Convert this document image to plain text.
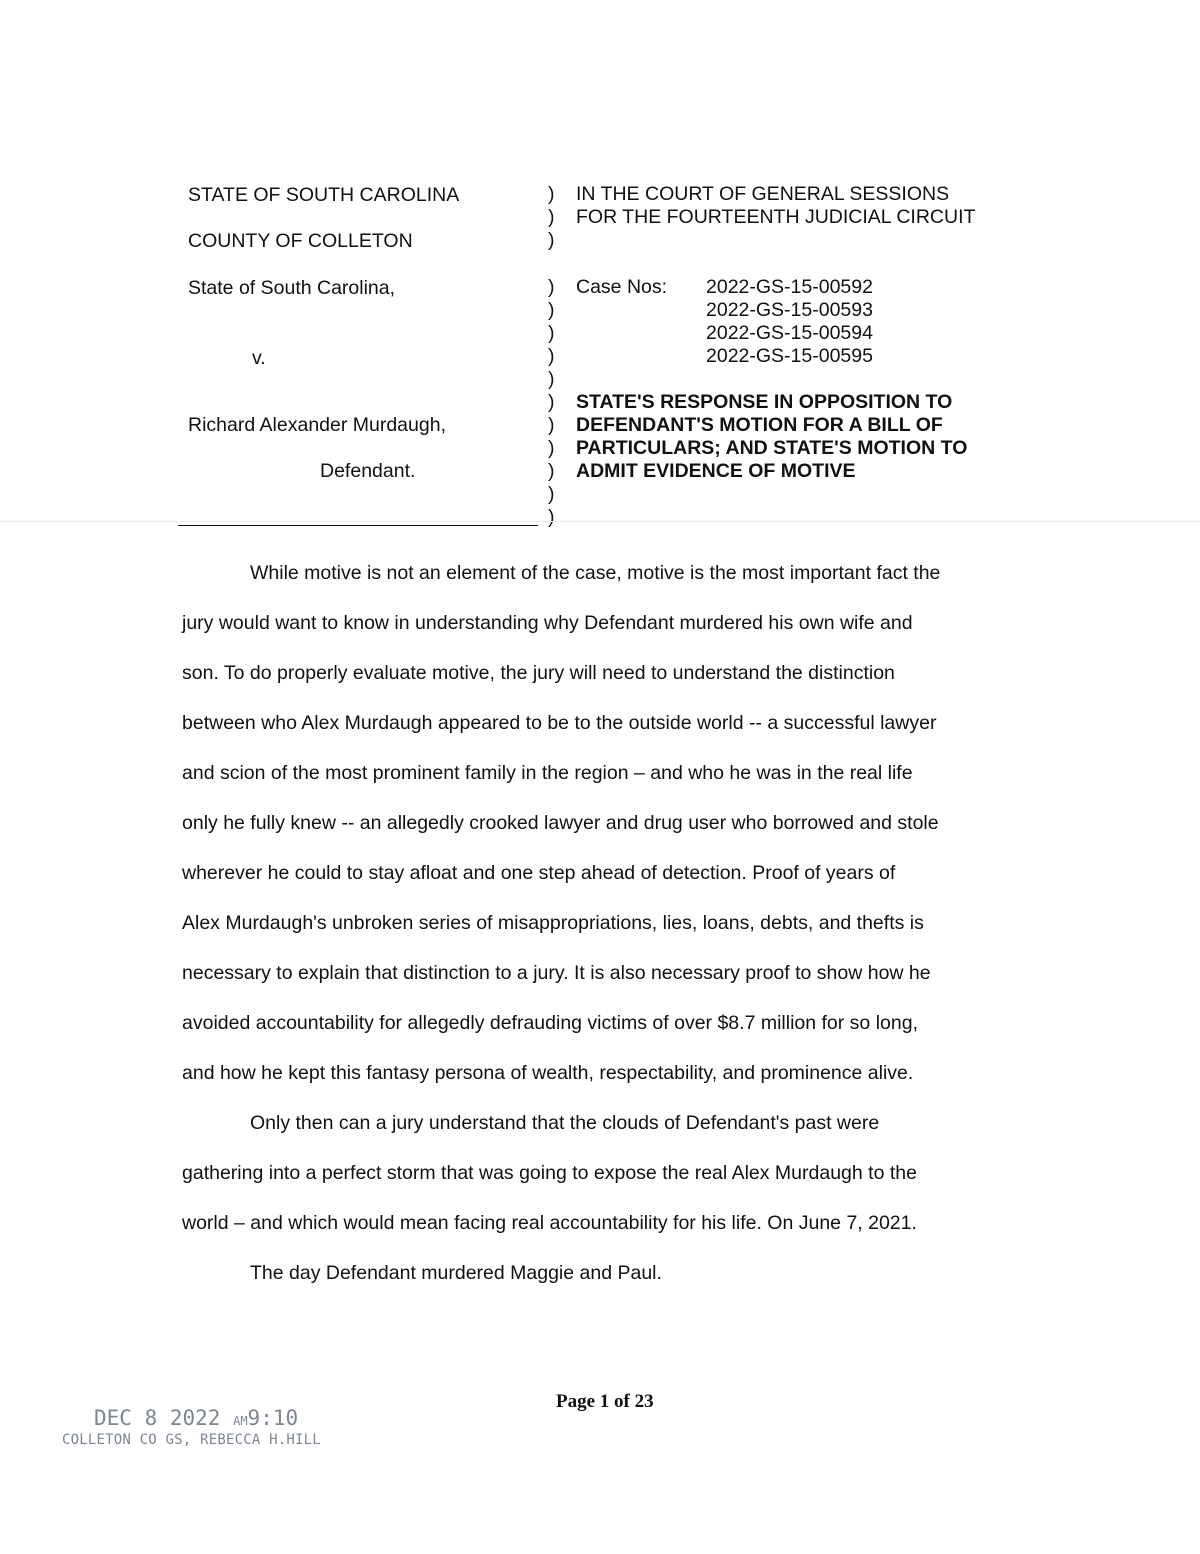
STATE OF SOUTH CAROLINA
COUNTY OF COLLETON
State of South Carolina,
v.
Richard Alexander Murdaugh,
Defendant.
)
)
)
)
)
)
)
)
)
)
)
)
)
)
IN THE COURT OF GENERAL SESSIONS
FOR THE FOURTEENTH JUDICIAL CIRCUIT
Case Nos: 2022-GS-15-00592
2022-GS-15-00593
2022-GS-15-00594
2022-GS-15-00595
STATE'S RESPONSE IN OPPOSITION TO
DEFENDANT'S MOTION FOR A BILL OF
PARTICULARS; AND STATE'S MOTION TO
ADMIT EVIDENCE OF MOTIVE

While motive is not an element of the case, motive is the most important fact the
jury would want to know in understanding why Defendant murdered his own wife and
son. To do properly evaluate motive, the jury will need to understand the distinction
between who Alex Murdaugh appeared to be to the outside world -- a successful lawyer
and scion of the most prominent family in the region – and who he was in the real life
only he fully knew -- an allegedly crooked lawyer and drug user who borrowed and stole
wherever he could to stay afloat and one step ahead of detection. Proof of years of
Alex Murdaugh's unbroken series of misappropriations, lies, loans, debts, and thefts is
necessary to explain that distinction to a jury. It is also necessary proof to show how he
avoided accountability for allegedly defrauding victims of over $8.7 million for so long,
and how he kept this fantasy persona of wealth, respectability, and prominence alive.

Only then can a jury understand that the clouds of Defendant's past were
gathering into a perfect storm that was going to expose the real Alex Murdaugh to the
world – and which would mean facing real accountability for his life. On June 7, 2021.

The day Defendant murdered Maggie and Paul.

Page 1 of 23
DEC 8 2022 AM9:10
COLLETON CO GS, REBECCA H.HILL
